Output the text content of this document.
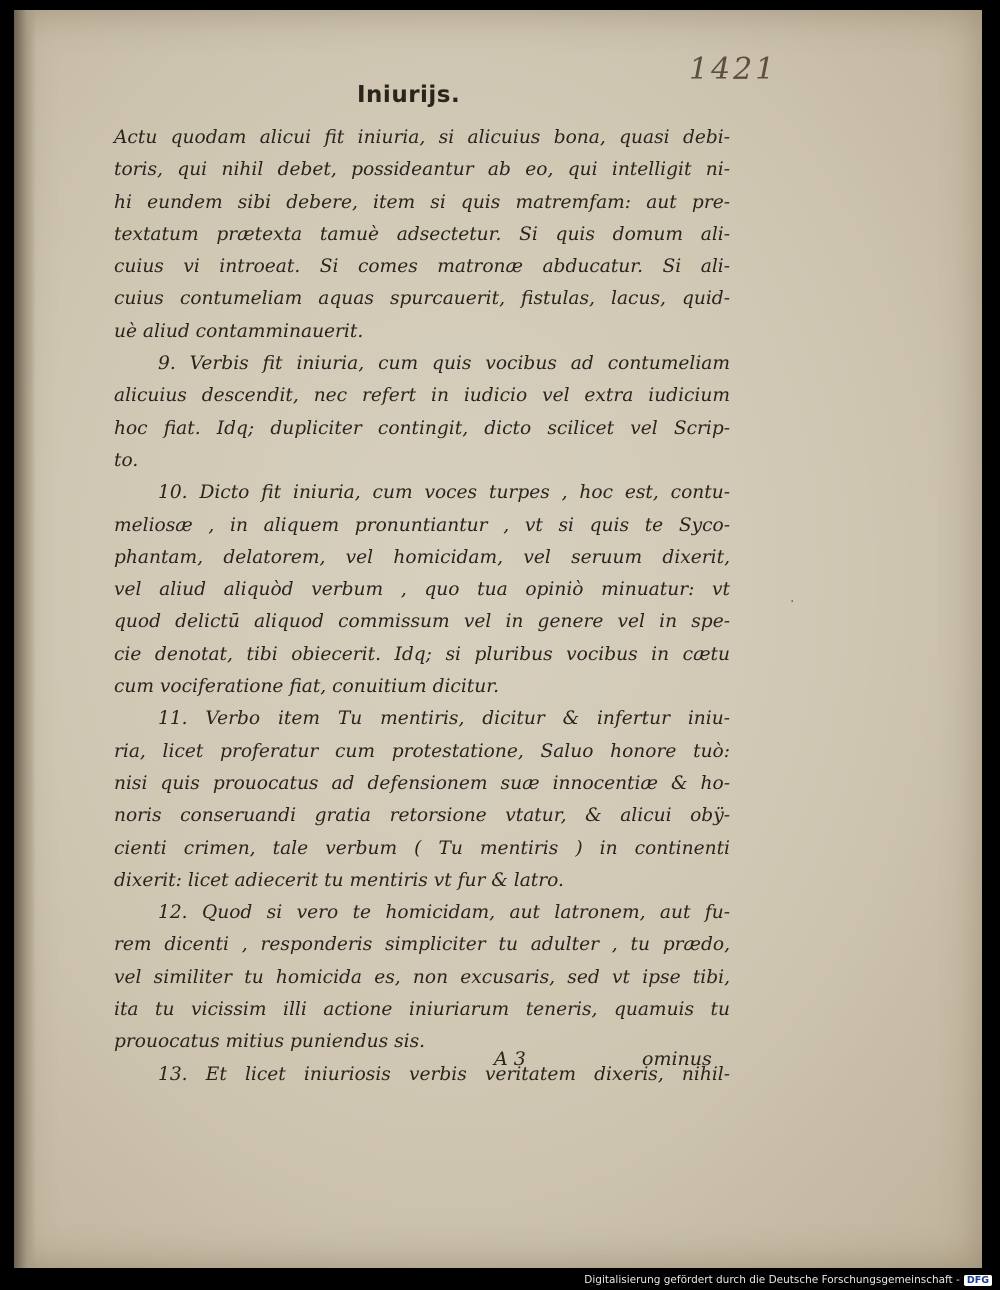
1421
Iniurijs.
Actu quodam alicui fit iniuria, si alicuius bona, quasi debi-
toris, qui nihil debet, possideantur ab eo, qui intelligit ni-
hi eundem sibi debere, item si quis matremfam: aut pre-
textatum prætexta tamuè adsectetur. Si quis domum ali-
cuius vi introeat. Si comes matronæ abducatur. Si ali-
cuius contumeliam aquas spurcauerit, fistulas, lacus, quid-
uè aliud contamminauerit.
9. Verbis fit iniuria, cum quis vocibus ad contumeliam
alicuius descendit, nec refert in iudicio vel extra iudicium
hoc fiat. Idq; dupliciter contingit, dicto scilicet vel Scrip-
to.
10. Dicto fit iniuria, cum voces turpes , hoc est, contu-
meliosæ , in aliquem pronuntiantur , vt si quis te Syco-
phantam, delatorem, vel homicidam, vel seruum dixerit,
vel aliud aliquòd verbum , quo tua opiniò minuatur: vt
quod delictū aliquod commissum vel in genere vel in spe-
cie denotat, tibi obiecerit. Idq; si pluribus vocibus in cætu
cum vociferatione fiat, conuitium dicitur.
11. Verbo item Tu mentiris, dicitur & infertur iniu-
ria, licet proferatur cum protestatione, Saluo honore tuò:
nisi quis prouocatus ad defensionem suæ innocentiæ & ho-
noris conseruandi gratia retorsione vtatur, & alicui obÿ-
cienti crimen, tale verbum ( Tu mentiris ) in continenti
dixerit: licet adiecerit tu mentiris vt fur & latro.
12. Quod si vero te homicidam, aut latronem, aut fu-
rem dicenti , responderis simpliciter tu adulter , tu prædo,
vel similiter tu homicida es, non excusaris, sed vt ipse tibi,
ita tu vicissim illi actione iniuriarum teneris, quamuis tu
prouocatus mitius puniendus sis.
13. Et licet iniuriosis verbis veritatem dixeris, nihil-
·
A 3	ominus
Digitalisierung gefördert durch die Deutsche Forschungsgemeinschaft - DFG
